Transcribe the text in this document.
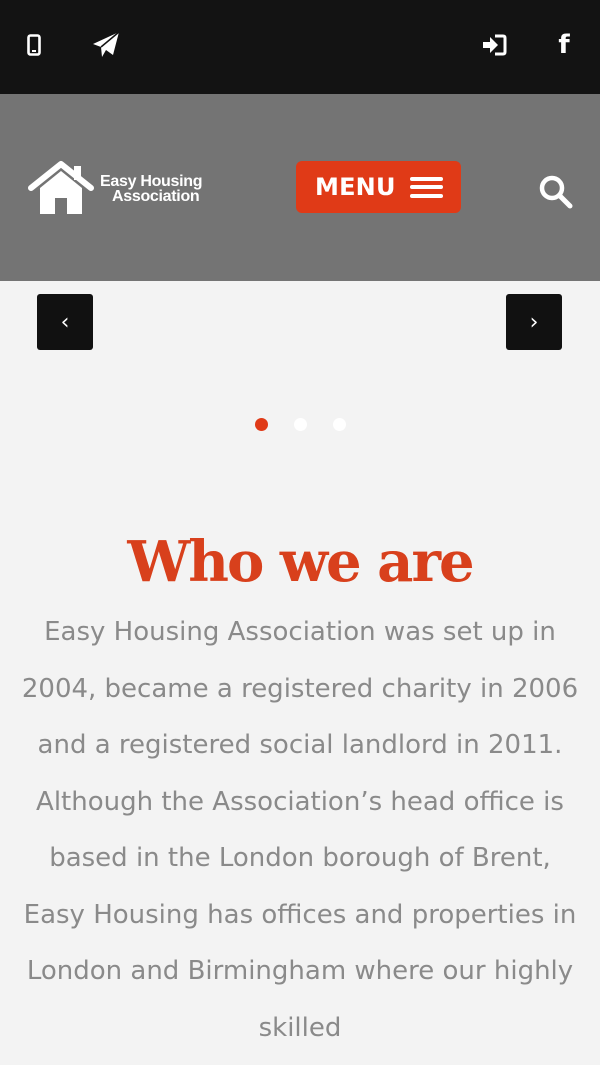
f
Easy Housing
Association	MENU
‹	›
Who we are

Easy Housing Association was set up in 2004, became a registered charity in 2006 and a registered social landlord in 2011. Although the Association’s head office is based in the London borough of Brent, Easy Housing has offices and properties in London and Birmingham where our highly skilled
